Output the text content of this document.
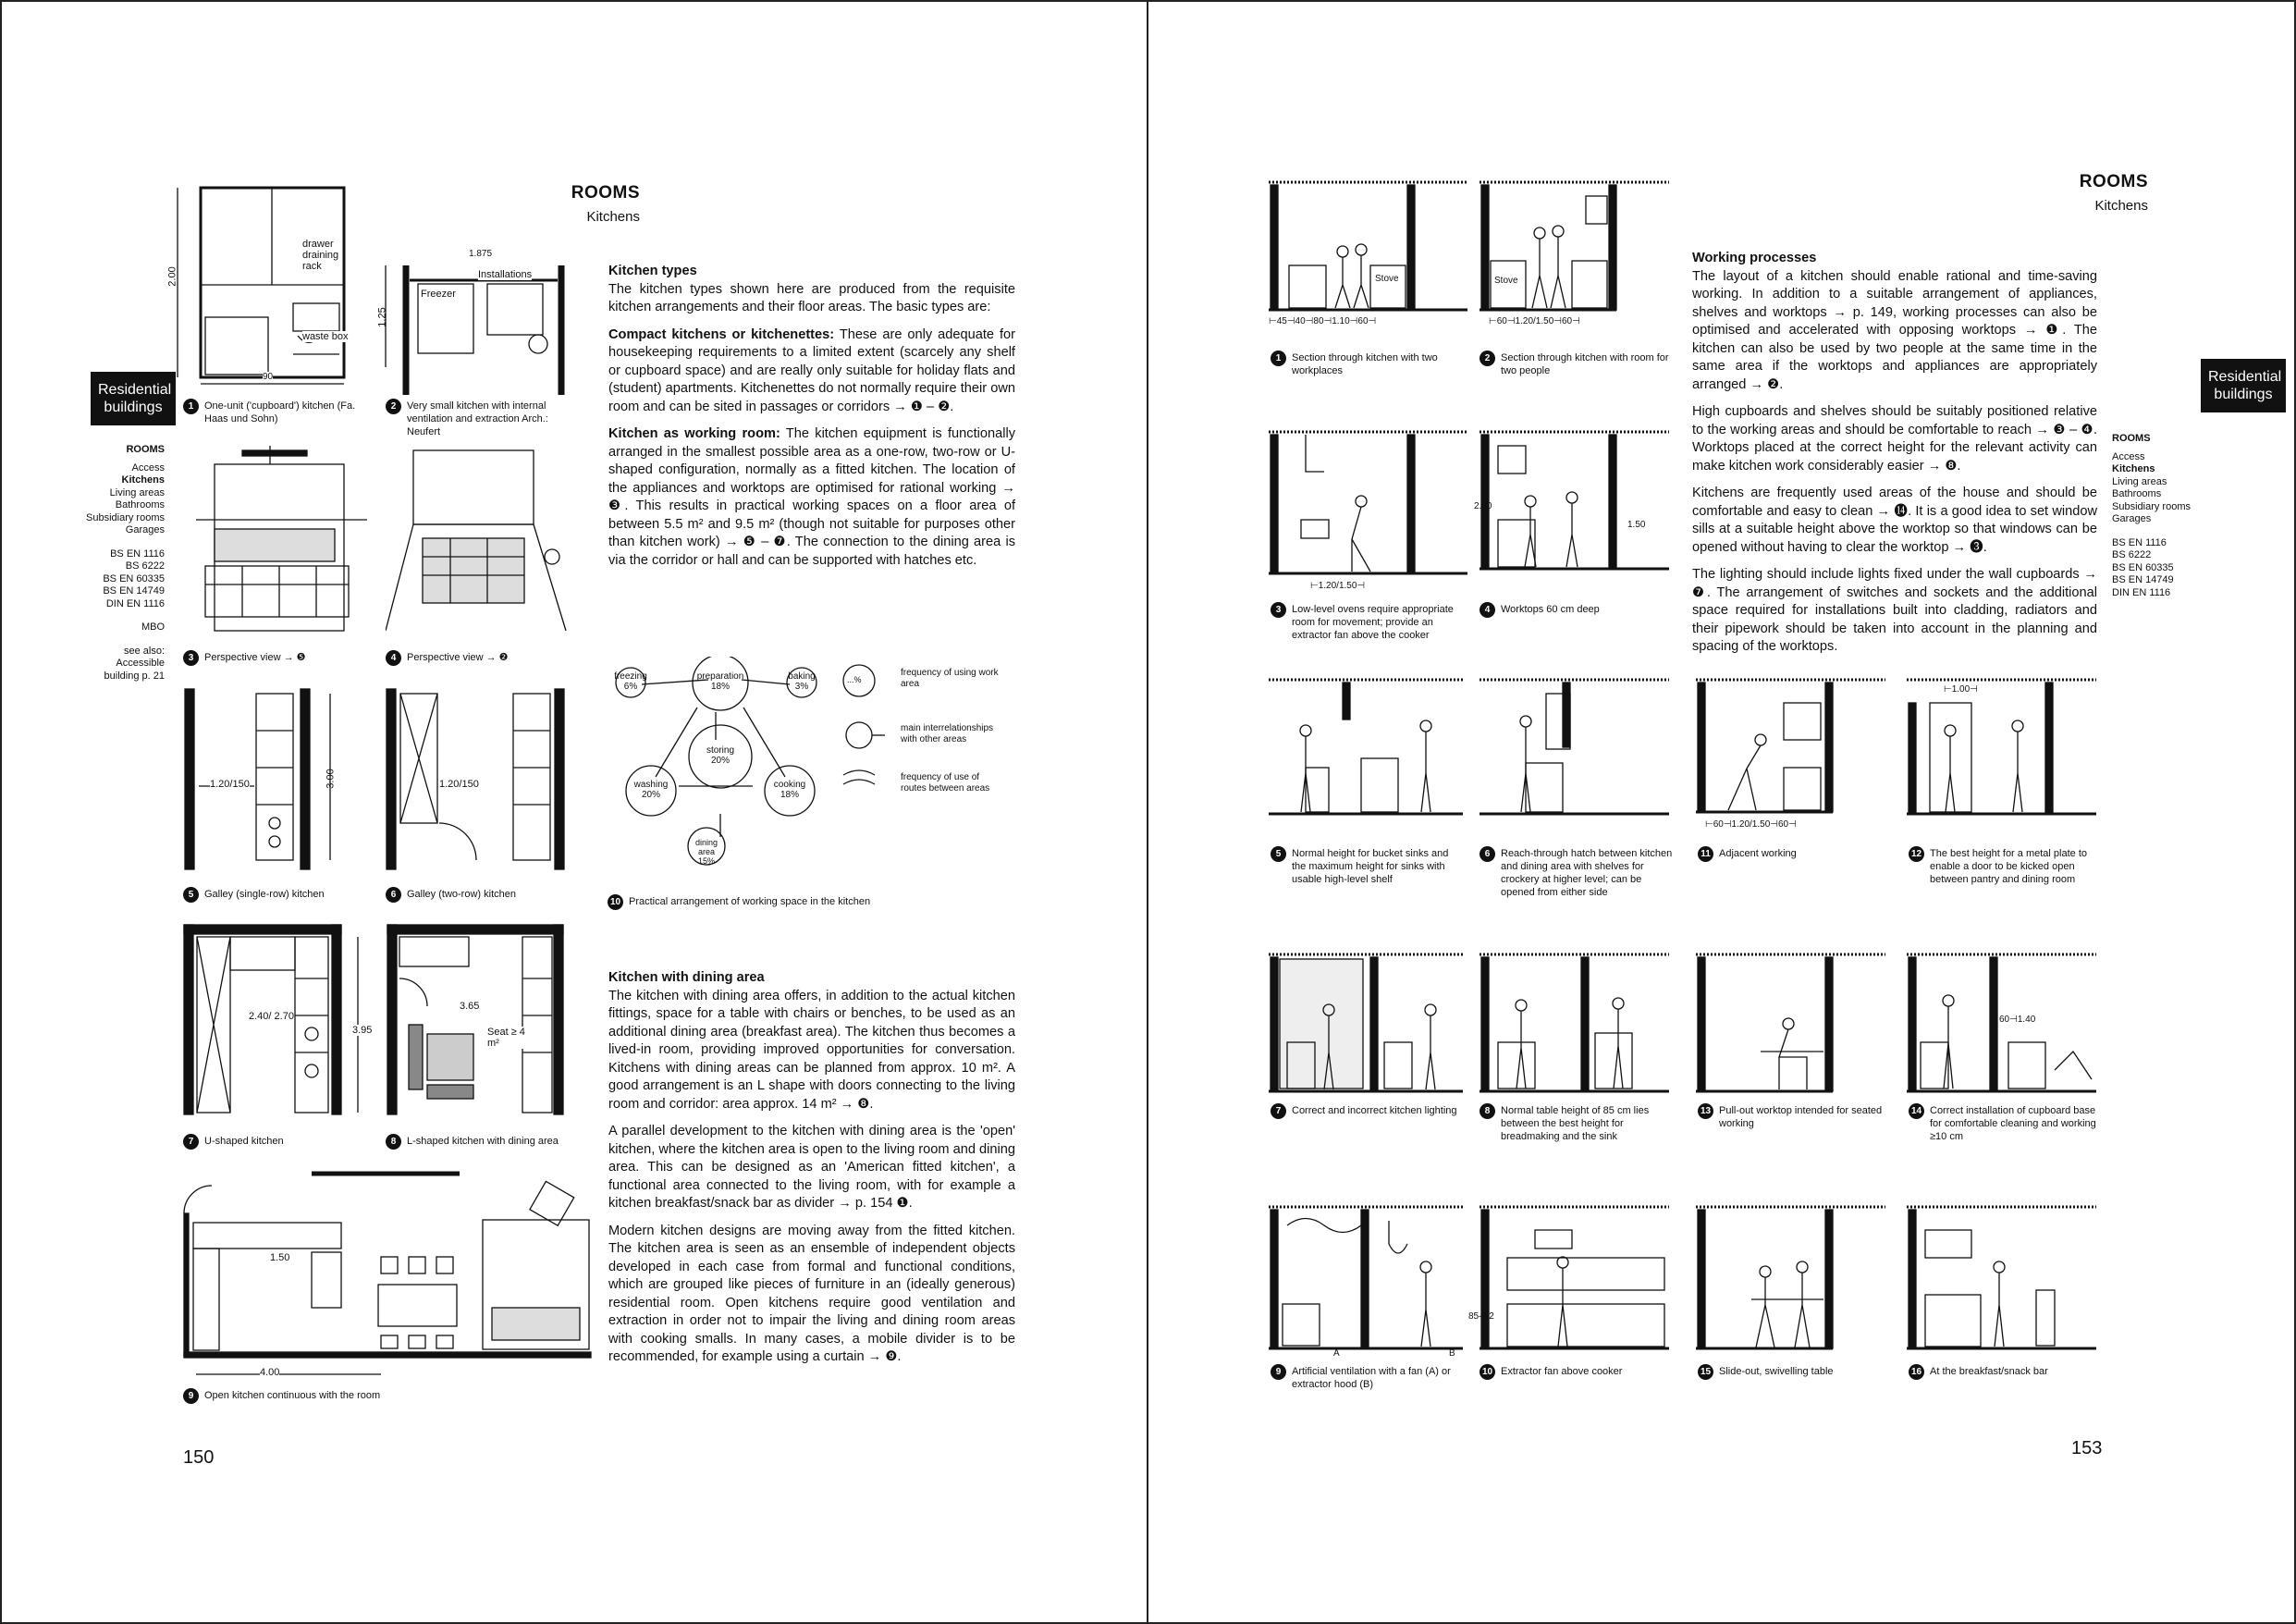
ROOMS
Kitchens
Residential
buildings
ROOMS
Access
Kitchens
Living areas
Bathrooms
Subsidiary rooms
Garages
BS EN 1116
BS 6222
BS EN 60335
BS EN 14749
DIN EN 1116
MBO
see also:
Accessible
building p. 21
2.00
drawer
draining
rack
waste box
90
1	One-unit ('cupboard') kitchen (Fa. Haas und Sohn)
Installations
Freezer
1.25
1.875
2	Very small kitchen with internal ventilation and extraction Arch.: Neufert
3	Perspective view → ❺	4	Perspective view → ❷
1.20/150	3.00
5	Galley (single-row) kitchen
1.20/150
6	Galley (two-row) kitchen
2.40/ 2.70
3.95
7	U-shaped kitchen
3.65
Seat ≥ 4 m²
8	L-shaped kitchen with dining area
1.50
4.00
9	Open kitchen continuous with the room
freezing
6%
preparation
18%
baking
3%
storing
20%
washing
20%
cooking
18%
dining area
15%
...%
frequency of using work area
main interrelationships with other areas
frequency of use of routes between areas
10 Practical arrangement of working space in the kitchen

Kitchen types
The kitchen types shown here are produced from the requisite kitchen arrangements and their floor areas. The basic types are:

Compact kitchens or kitchenettes: These are only adequate for housekeeping requirements to a limited extent (scarcely any shelf or cupboard space) and are really only suitable for holiday flats and (student) apartments. Kitchenettes do not normally require their own room and can be sited in passages or corridors → ❶ – ❷.

Kitchen as working room: The kitchen equipment is functionally arranged in the smallest possible area as a one-row, two-row or U-shaped configuration, normally as a fitted kitchen. The location of the appliances and worktops are optimised for rational working → ❸. This results in practical working spaces on a floor area of between 5.5 m² and 9.5 m² (though not suitable for purposes other than kitchen work) → ❺ – ❼. The connection to the dining area is via the corridor or hall and can be supported with hatches etc.

Kitchen with dining area
The kitchen with dining area offers, in addition to the actual kitchen fittings, space for a table with chairs or benches, to be used as an additional dining area (breakfast area). The kitchen thus becomes a lived-in room, providing improved opportunities for conversation. Kitchens with dining areas can be planned from approx. 10 m². A good arrangement is an L shape with doors connecting to the living room and corridor: area approx. 14 m² → ❽.

A parallel development to the kitchen with dining area is the 'open' kitchen, where the kitchen area is open to the living room and dining area. This can be designed as an 'American fitted kitchen', a functional area connected to the living room, with for example a kitchen breakfast/snack bar as divider → p. 154 ❶.

Modern kitchen designs are moving away from the fitted kitchen. The kitchen area is seen as an ensemble of independent objects developed in each case from formal and functional conditions, which are grouped like pieces of furniture in an (ideally generous) residential room. Open kitchens require good ventilation and extraction in order not to impair the living and dining room areas with cooking smalls. In many cases, a mobile divider is to be recommended, for example using a curtain → ❾.

150
ROOMS
Kitchens
Residential
buildings
ROOMS
Access
Kitchens
Living areas
Bathrooms
Subsidiary rooms
Garages
BS EN 1116
BS 6222
BS EN 60335
BS EN 14749
DIN EN 1116

Working processes
The layout of a kitchen should enable rational and time-saving working. In addition to a suitable arrangement of appliances, shelves and worktops → p. 149, working processes can also be optimised and accelerated with opposing worktops → ❶. The kitchen can also be used by two people at the same time in the same area if the worktops and appliances are appropriately arranged → ❷.

High cupboards and shelves should be suitably positioned relative to the working areas and should be comfortable to reach → ❸ – ❹. Worktops placed at the correct height for the relevant activity can make kitchen work considerably easier → ❽.

Kitchens are frequently used areas of the house and should be comfortable and easy to clean → ⓮. It is a good idea to set window sills at a suitable height above the worktop so that windows can be opened without having to clear the worktop → ❸.

The lighting should include lights fixed under the wall cupboards → ❼. The arrangement of switches and sockets and the additional space required for installations built into cladding, radiators and their pipework should be taken into account in the planning and spacing of the worktops.

⊢45⊣40⊣80⊣1.10⊣60⊣
Stove
1	Section through kitchen with two workplaces
⊢60⊣1.20/1.50⊣60⊣
Stove
2	Section through kitchen with room for two people
⊢1.20/1.50⊣
3	Low-level ovens require appropriate room for movement; provide an extractor fan above the cooker
2.00
1.50
4	Worktops 60 cm deep
5	Normal height for bucket sinks and the maximum height for sinks with usable high-level shelf
6	Reach-through hatch between kitchen and dining area with shelves for crockery at higher level; can be opened from either side
⊢60⊣1.20/1.50⊣60⊣
11 Adjacent working
⊢1.00⊣
12 The best height for a metal plate to enable a door to be kicked open between pantry and dining room
7	Correct and incorrect kitchen lighting	8	Normal table height of 85 cm lies between the best height for breadmaking and the sink
13 Pull-out worktop intended for seated working
60⊣1.40
14 Correct installation of cupboard base for comfortable cleaning and working ≥10 cm
A	B
9	Artificial ventilation with a fan (A) or extractor hood (B)
85–92
10 Extractor fan above cooker	15 Slide-out, swivelling table	16 At the breakfast/snack bar
153
